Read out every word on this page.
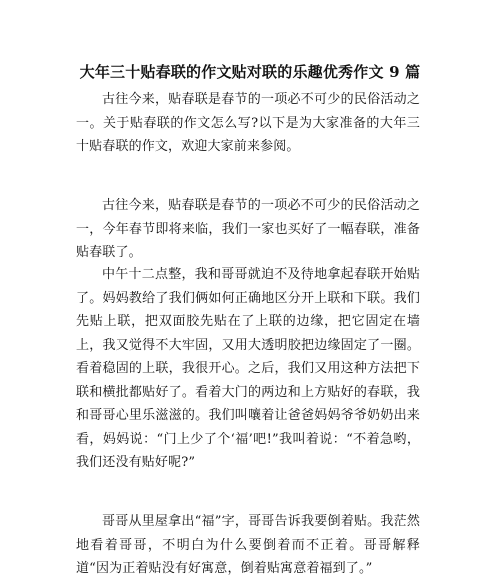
大年三十贴春联的作文贴对联的乐趣优秀作文 9 篇

古往今来，贴春联是春节的一项必不可少的民俗活动之一。关于贴春联的作文怎么写?以下是为大家准备的大年三十贴春联的作文，欢迎大家前来参阅。

古往今来，贴春联是春节的一项必不可少的民俗活动之一，今年春节即将来临，我们一家也买好了一幅春联，准备贴春联了。

中午十二点整，我和哥哥就迫不及待地拿起春联开始贴了。妈妈教给了我们俩如何正确地区分开上联和下联。我们先贴上联，把双面胶先贴在了上联的边缘，把它固定在墙上，我又觉得不大牢固，又用大透明胶把边缘固定了一圈。看着稳固的上联，我很开心。之后，我们又用这种方法把下联和横批都贴好了。看着大门的两边和上方贴好的春联，我和哥哥心里乐滋滋的。我们叫嚷着让爸爸妈妈爷爷奶奶出来看，妈妈说：“门上少了个‘福’吧!”我叫着说：“不着急哟，我们还没有贴好呢?”

哥哥从里屋拿出“福”字，哥哥告诉我要倒着贴。我茫然地看着哥哥，不明白为什么要倒着而不正着。哥哥解释道“因为正着贴没有好寓意，倒着贴寓意着福到了。”
